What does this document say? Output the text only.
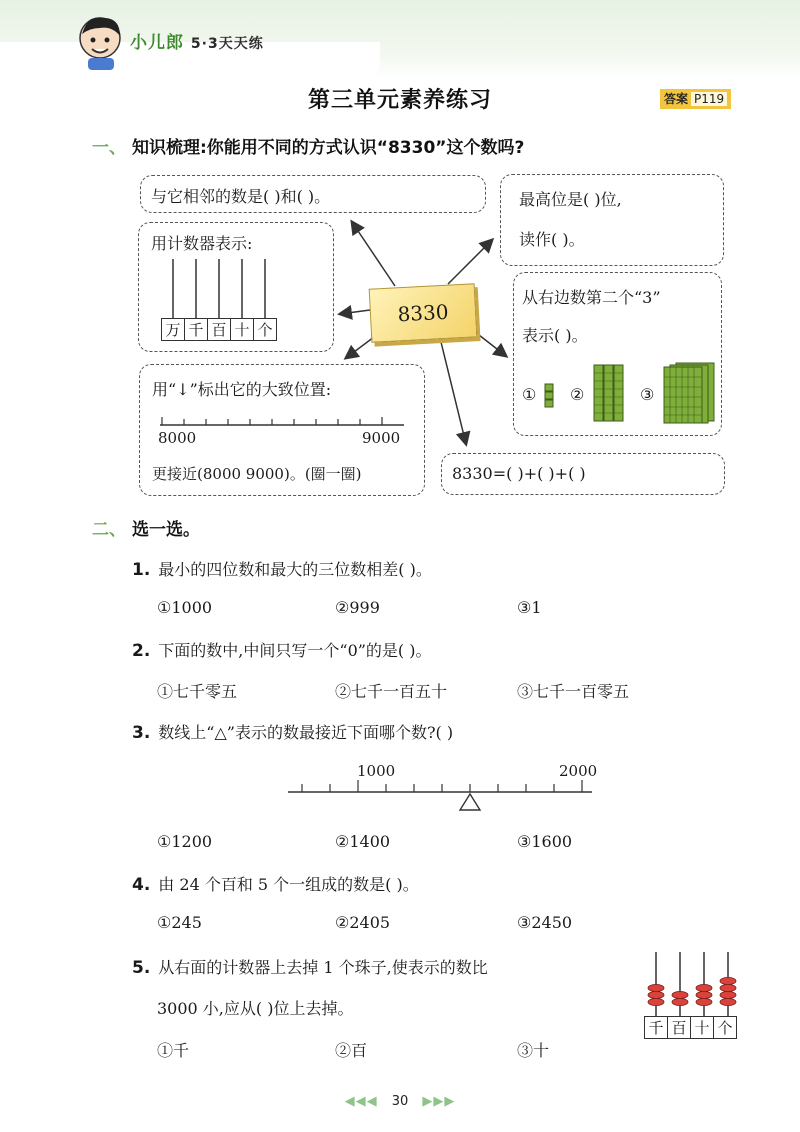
小儿郎 5·3天天练
第三单元素养练习	答案 P119
一、 知识梳理:你能用不同的方式认识“8330”这个数吗?
8330
与它相邻的数是( )和( )。
用计数器表示:
万 千 百 十 个
最高位是( )位,
读作( )。
从右边数第二个“3”
表示( )。
① ②	③
用“↓”标出它的大致位置:
8000	9000
更接近(8000 9000)。(圈一圈)	8330=( )+( )+( )
二、 选一选。
1. 最小的四位数和最大的三位数相差( )。
①1000	②999	③1
2. 下面的数中,中间只写一个“0”的是( )。
①七千零五	②七千一百五十	③七千一百零五
3. 数线上“△”表示的数最接近下面哪个数?( )
1000	2000
①1200	②1400	③1600
4. 由 24 个百和 5 个一组成的数是( )。
①245	②2405	③2450
5. 从右面的计数器上去掉 1 个珠子,使表示的数比
3000 小,应从( )位上去掉。
①千	②百	③十
千 百 十 个
◀◀◀ 30 ▶▶▶
